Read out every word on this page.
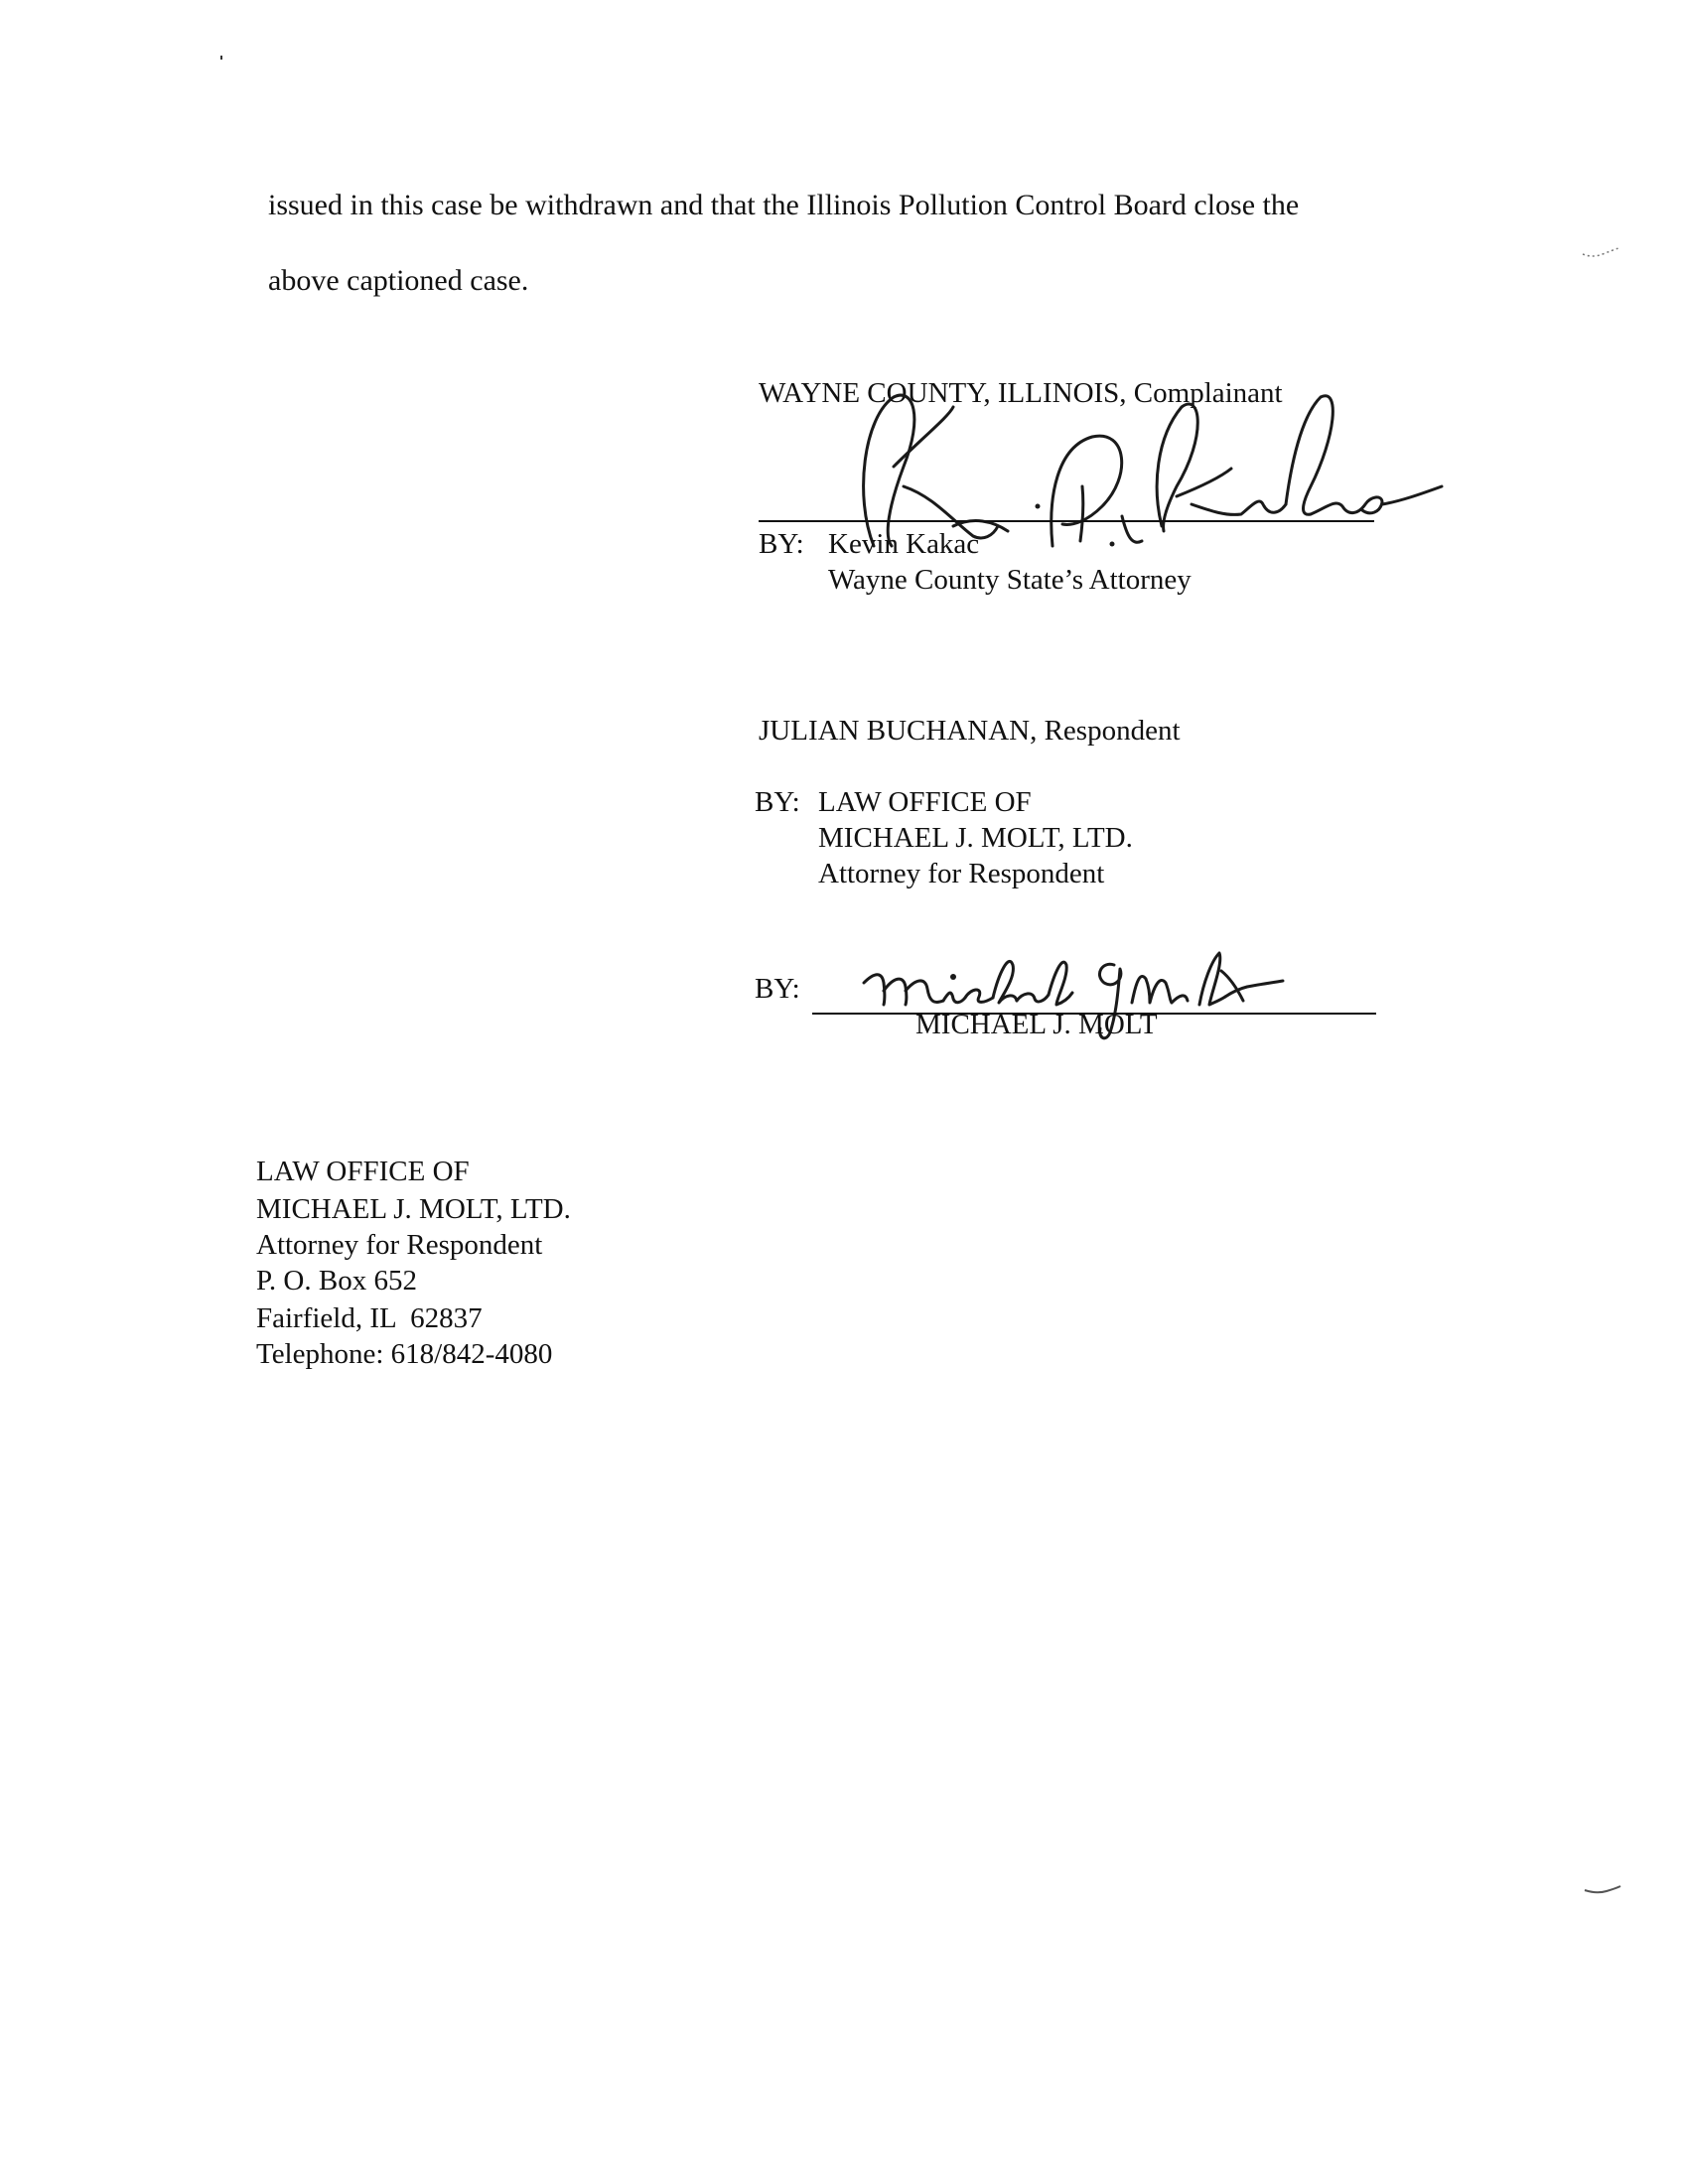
issued in this case be withdrawn and that the Illinois Pollution Control Board close the
above captioned case.
WAYNE COUNTY, ILLINOIS, Complainant
BY: Kevin Kakac
Wayne County State’s Attorney
JULIAN BUCHANAN, Respondent
BY: LAW OFFICE OF
MICHAEL J. MOLT, LTD.
Attorney for Respondent
BY:
MICHAEL J. MOLT
LAW OFFICE OF
MICHAEL J. MOLT, LTD.
Attorney for Respondent
P. O. Box 652
Fairfield, IL  62837
Telephone: 618/842-4080
